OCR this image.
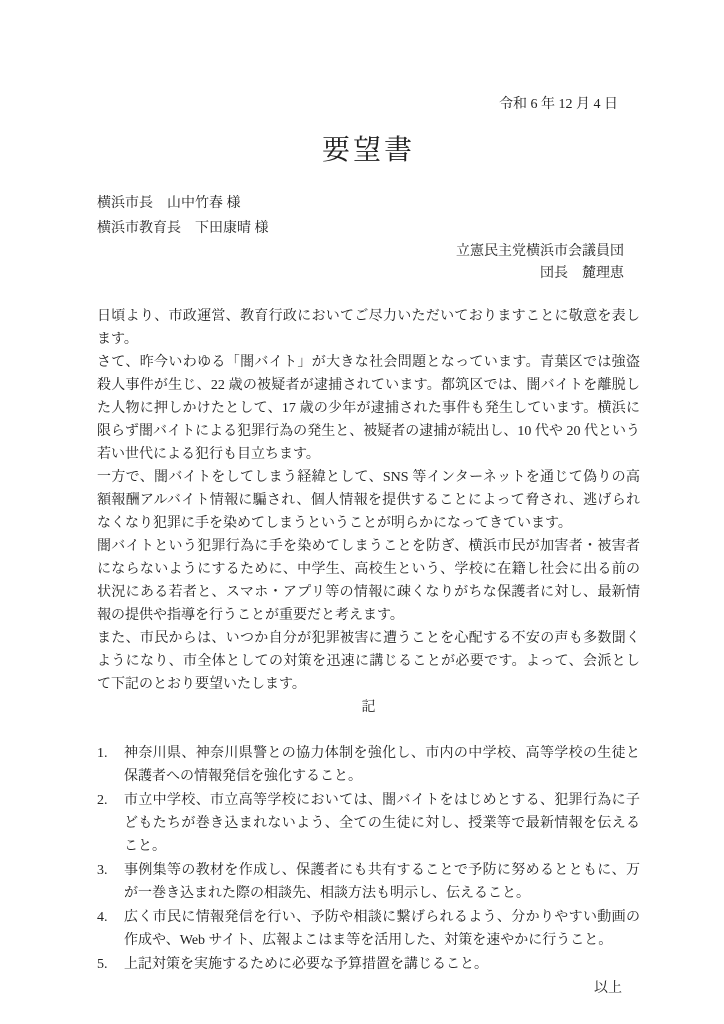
令和 6 年 12 月 4 日
要望書
横浜市長　山中竹春 様
横浜市教育長　下田康晴 様
立憲民主党横浜市会議員団
団長　麓理恵

日頃より、市政運営、教育行政においてご尽力いただいておりますことに敬意を表します。

さて、昨今いわゆる「闇バイト」が大きな社会問題となっています。青葉区では強盗殺人事件が生じ、22 歳の被疑者が逮捕されています。都筑区では、闇バイトを離脱した人物に押しかけたとして、17 歳の少年が逮捕された事件も発生しています。横浜に限らず闇バイトによる犯罪行為の発生と、被疑者の逮捕が続出し、10 代や 20 代という若い世代による犯行も目立ちます。

一方で、闇バイトをしてしまう経緯として、SNS 等インターネットを通じて偽りの高額報酬アルバイト情報に騙され、個人情報を提供することによって脅され、逃げられなくなり犯罪に手を染めてしまうということが明らかになってきています。

闇バイトという犯罪行為に手を染めてしまうことを防ぎ、横浜市民が加害者・被害者にならないようにするために、中学生、高校生という、学校に在籍し社会に出る前の状況にある若者と、スマホ・アプリ等の情報に疎くなりがちな保護者に対し、最新情報の提供や指導を行うことが重要だと考えます。

また、市民からは、いつか自分が犯罪被害に遭うことを心配する不安の声も多数聞くようになり、市全体としての対策を迅速に講じることが必要です。よって、会派として下記のとおり要望いたします。

記
1.	神奈川県、神奈川県警との協力体制を強化し、市内の中学校、高等学校の生徒と保護者への情報発信を強化すること。
2.	市立中学校、市立高等学校においては、闇バイトをはじめとする、犯罪行為に子どもたちが巻き込まれないよう、全ての生徒に対し、授業等で最新情報を伝えること。
3.	事例集等の教材を作成し、保護者にも共有することで予防に努めるとともに、万が一巻き込まれた際の相談先、相談方法も明示し、伝えること。
4.	広く市民に情報発信を行い、予防や相談に繋げられるよう、分かりやすい動画の作成や、Web サイト、広報よこはま等を活用した、対策を速やかに行うこと。
5.	上記対策を実施するために必要な予算措置を講じること。
以上
